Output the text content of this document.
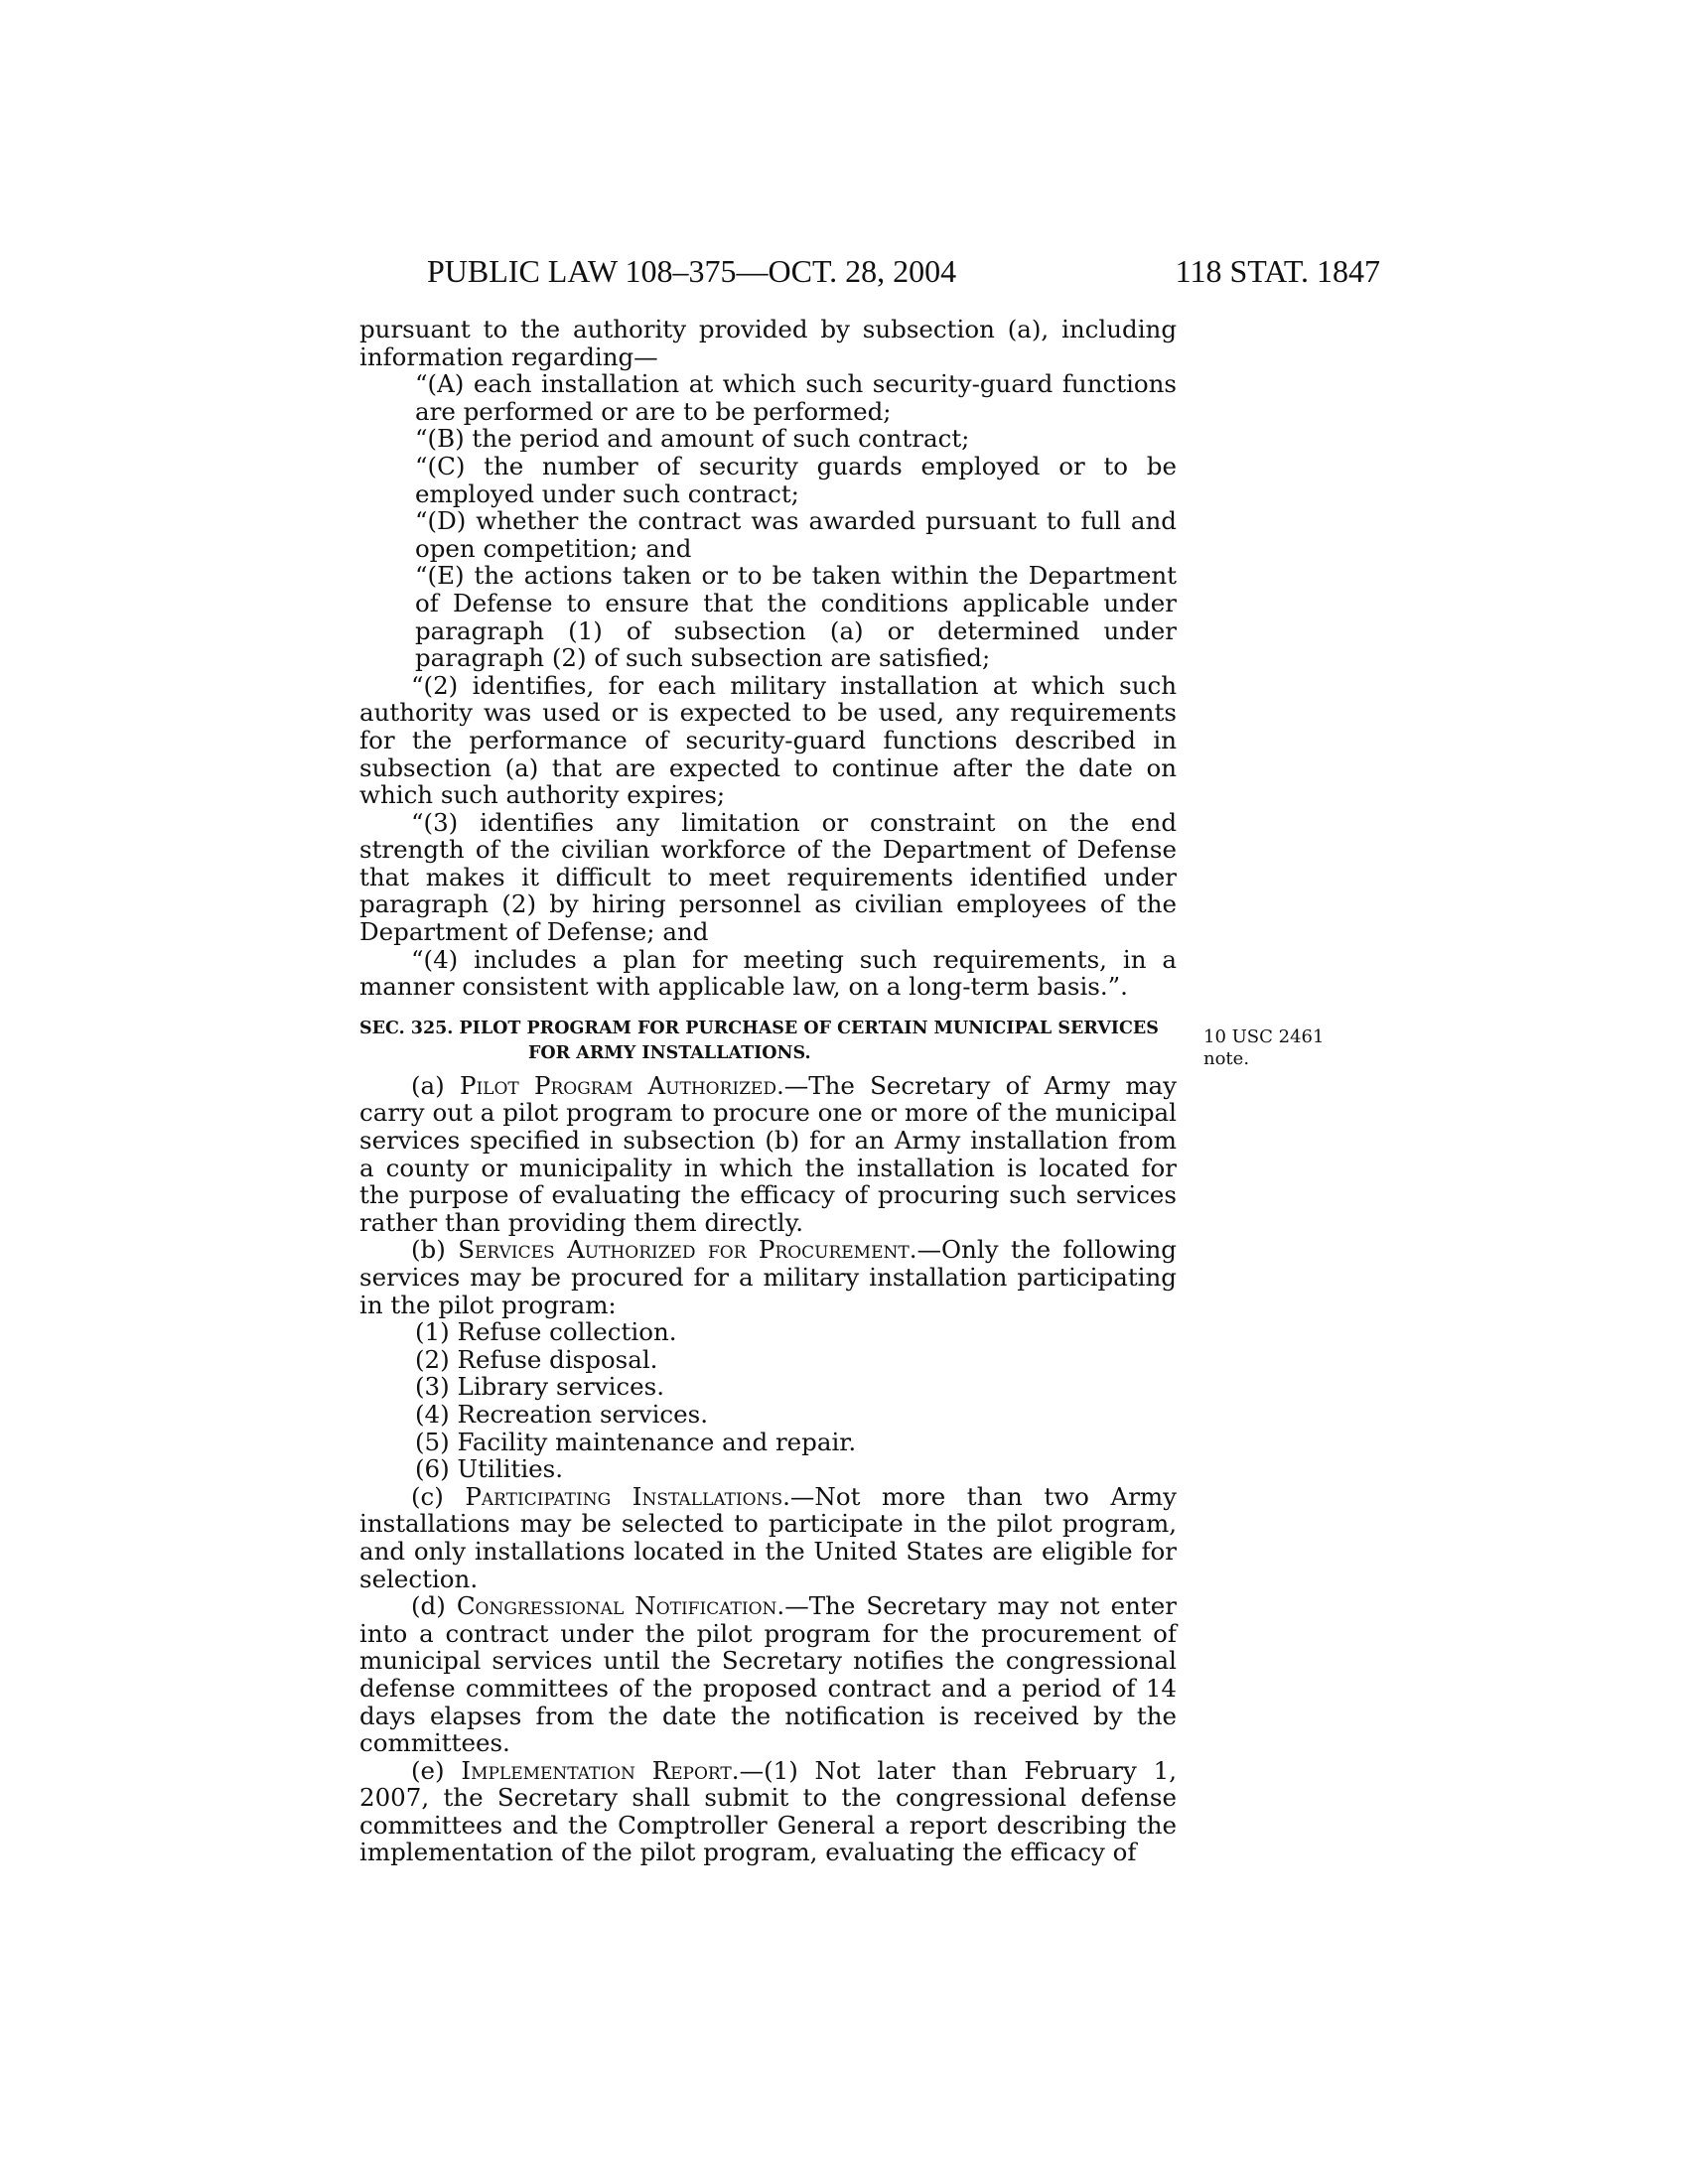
PUBLIC LAW 108–375—OCT. 28, 2004	118 STAT. 1847
10 USC 2461
note.

pursuant to the authority provided by subsection (a), including information regarding—

“(A) each installation at which such security-guard functions are performed or are to be performed;

“(B) the period and amount of such contract;

“(C) the number of security guards employed or to be employed under such contract;

“(D) whether the contract was awarded pursuant to full and open competition; and

“(E) the actions taken or to be taken within the Department of Defense to ensure that the conditions applicable under paragraph (1) of subsection (a) or determined under paragraph (2) of such subsection are satisfied;

“(2) identifies, for each military installation at which such authority was used or is expected to be used, any requirements for the performance of security-guard functions described in subsection (a) that are expected to continue after the date on which such authority expires;

“(3) identifies any limitation or constraint on the end strength of the civilian workforce of the Department of Defense that makes it difficult to meet requirements identified under paragraph (2) by hiring personnel as civilian employees of the Department of Defense; and

“(4) includes a plan for meeting such requirements, in a manner consistent with applicable law, on a long-term basis.”.

SEC. 325. PILOT PROGRAM FOR PURCHASE OF CERTAIN MUNICIPAL SERVICES FOR ARMY INSTALLATIONS.

(a) Pilot Program Authorized.—The Secretary of Army may carry out a pilot program to procure one or more of the municipal services specified in subsection (b) for an Army installation from a county or municipality in which the installation is located for the purpose of evaluating the efficacy of procuring such services rather than providing them directly.

(b) Services Authorized for Procurement.—Only the following services may be procured for a military installation participating in the pilot program:

(1) Refuse collection.

(2) Refuse disposal.

(3) Library services.

(4) Recreation services.

(5) Facility maintenance and repair.

(6) Utilities.

(c) Participating Installations.—Not more than two Army installations may be selected to participate in the pilot program, and only installations located in the United States are eligible for selection.

(d) Congressional Notification.—The Secretary may not enter into a contract under the pilot program for the procurement of municipal services until the Secretary notifies the congressional defense committees of the proposed contract and a period of 14 days elapses from the date the notification is received by the committees.

(e) Implementation Report.—(1) Not later than February 1, 2007, the Secretary shall submit to the congressional defense committees and the Comptroller General a report describing the implementation of the pilot program, evaluating the efficacy of
